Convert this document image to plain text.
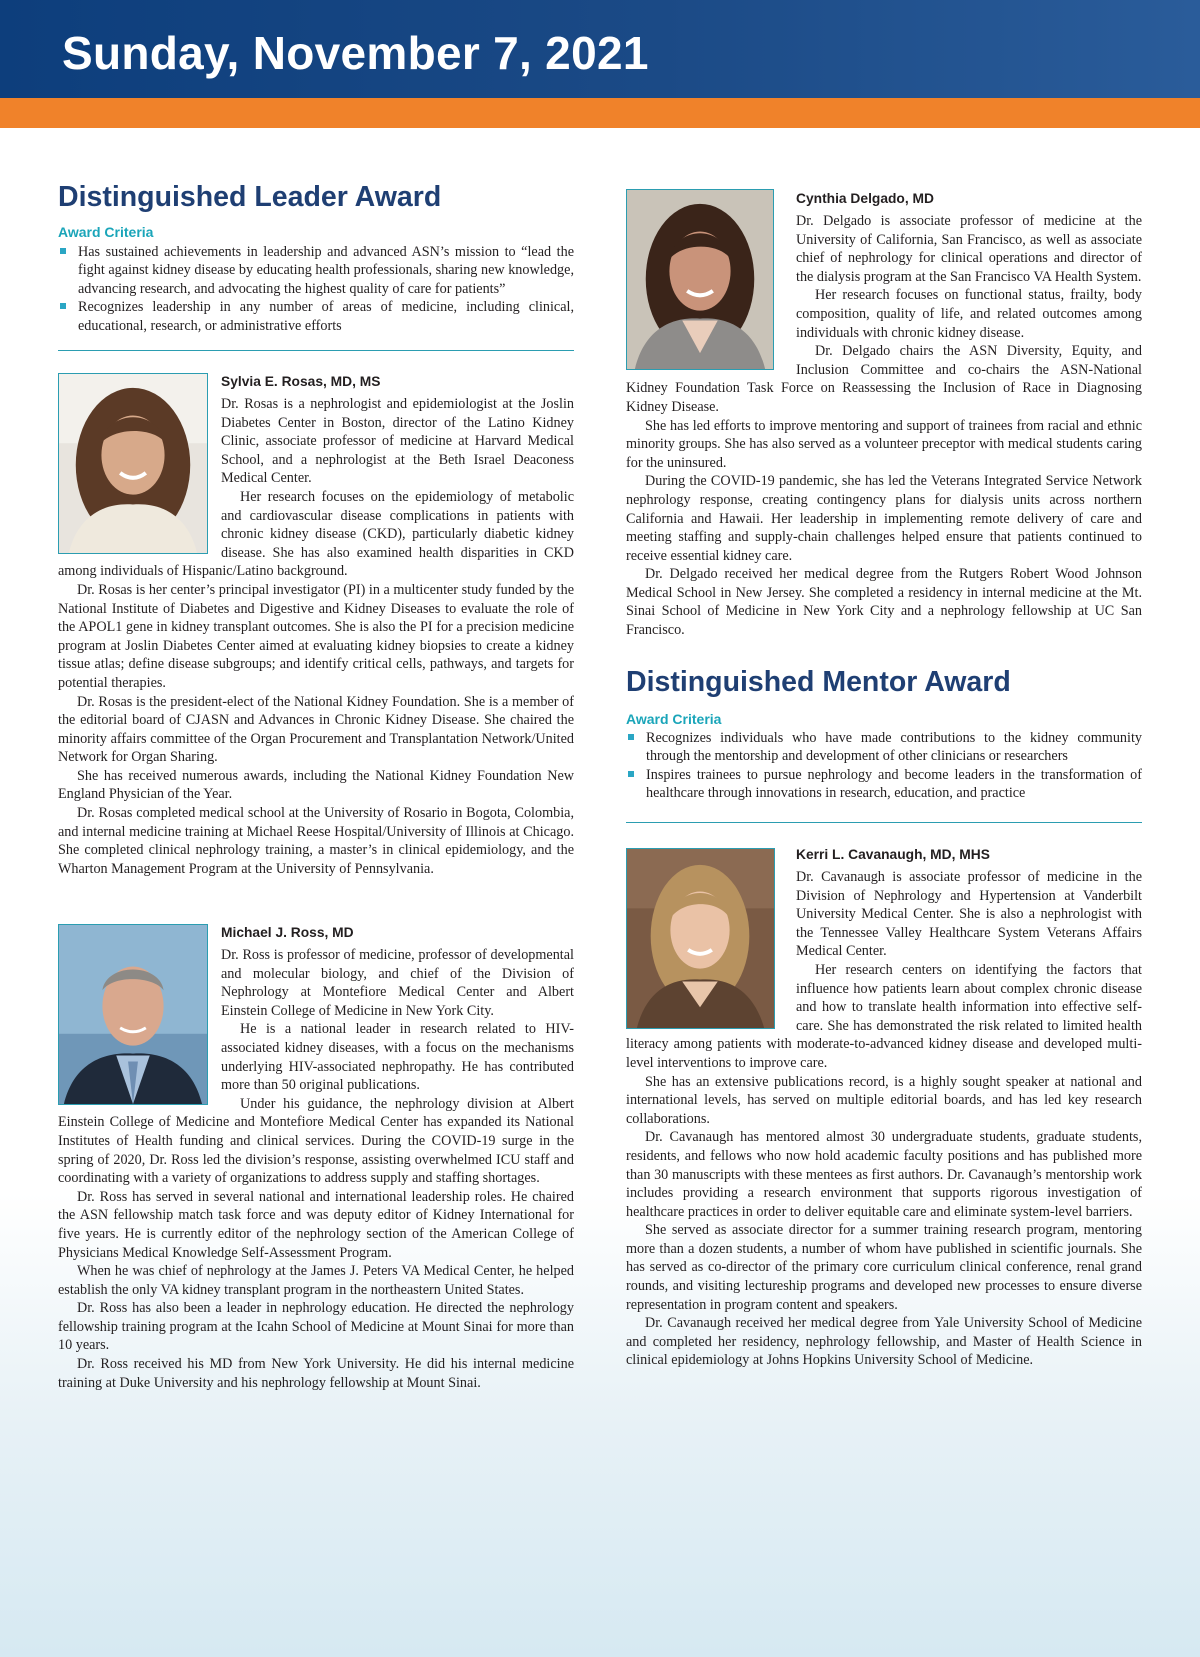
Sunday, November 7, 2021
Distinguished Leader Award
Award Criteria
Has sustained achievements in leadership and advanced ASN’s mission to “lead the fight against kidney disease by educating health professionals, sharing new knowledge, advancing research, and advocating the highest quality of care for patients”
Recognizes leadership in any number of areas of medicine, including clinical, educational, research, or administrative efforts
Sylvia E. Rosas, MD, MS

Dr. Rosas is a nephrologist and epidemiologist at the Joslin Diabetes Center in Boston, director of the Latino Kidney Clinic, associate professor of medicine at Harvard Medical School, and a nephrologist at the Beth Israel Deaconess Medical Center.

Her research focuses on the epidemiology of metabolic and cardiovascular disease complications in patients with chronic kidney disease (CKD), particularly diabetic kidney disease. She has also examined health disparities in CKD among individuals of Hispanic/Latino background.

Dr. Rosas is her center’s principal investigator (PI) in a multicenter study funded by the National Institute of Diabetes and Digestive and Kidney Diseases to evaluate the role of the APOL1 gene in kidney transplant outcomes. She is also the PI for a precision medicine program at Joslin Diabetes Center aimed at evaluating kidney biopsies to create a kidney tissue atlas; define disease subgroups; and identify critical cells, pathways, and targets for potential therapies.

Dr. Rosas is the president-elect of the National Kidney Foundation. She is a member of the editorial board of CJASN and Advances in Chronic Kidney Disease. She chaired the minority affairs committee of the Organ Procurement and Transplantation Network/United Network for Organ Sharing.

She has received numerous awards, including the National Kidney Foundation New England Physician of the Year.

Dr. Rosas completed medical school at the University of Rosario in Bogota, Colombia, and internal medicine training at Michael Reese Hospital/University of Illinois at Chicago. She completed clinical nephrology training, a master’s in clinical epidemiology, and the Wharton Management Program at the University of Pennsylvania.

Michael J. Ross, MD

Dr. Ross is professor of medicine, professor of developmental and molecular biology, and chief of the Division of Nephrology at Montefiore Medical Center and Albert Einstein College of Medicine in New York City.

He is a national leader in research related to HIV-associated kidney diseases, with a focus on the mechanisms underlying HIV-associated nephropathy. He has contributed more than 50 original publications.

Under his guidance, the nephrology division at Albert Einstein College of Medicine and Montefiore Medical Center has expanded its National Institutes of Health funding and clinical services. During the COVID-19 surge in the spring of 2020, Dr. Ross led the division’s response, assisting overwhelmed ICU staff and coordinating with a variety of organizations to address supply and staffing shortages.

Dr. Ross has served in several national and international leadership roles. He chaired the ASN fellowship match task force and was deputy editor of Kidney International for five years. He is currently editor of the nephrology section of the American College of Physicians Medical Knowledge Self-Assessment Program.

When he was chief of nephrology at the James J. Peters VA Medical Center, he helped establish the only VA kidney transplant program in the northeastern United States.

Dr. Ross has also been a leader in nephrology education. He directed the nephrology fellowship training program at the Icahn School of Medicine at Mount Sinai for more than 10 years.

Dr. Ross received his MD from New York University. He did his internal medicine training at Duke University and his nephrology fellowship at Mount Sinai.

Cynthia Delgado, MD

Dr. Delgado is associate professor of medicine at the University of California, San Francisco, as well as associate chief of nephrology for clinical operations and director of the dialysis program at the San Francisco VA Health System.

Her research focuses on functional status, frailty, body composition, quality of life, and related outcomes among individuals with chronic kidney disease.

Dr. Delgado chairs the ASN Diversity, Equity, and Inclusion Committee and co-chairs the ASN-National Kidney Foundation Task Force on Reassessing the Inclusion of Race in Diagnosing Kidney Disease.

She has led efforts to improve mentoring and support of trainees from racial and ethnic minority groups. She has also served as a volunteer preceptor with medical students caring for the uninsured.

During the COVID-19 pandemic, she has led the Veterans Integrated Service Network nephrology response, creating contingency plans for dialysis units across northern California and Hawaii. Her leadership in implementing remote delivery of care and meeting staffing and supply-chain challenges helped ensure that patients continued to receive essential kidney care.

Dr. Delgado received her medical degree from the Rutgers Robert Wood Johnson Medical School in New Jersey. She completed a residency in internal medicine at the Mt. Sinai School of Medicine in New York City and a nephrology fellowship at UC San Francisco.

Distinguished Mentor Award
Award Criteria
Recognizes individuals who have made contributions to the kidney community through the mentorship and development of other clinicians or researchers
Inspires trainees to pursue nephrology and become leaders in the transformation of healthcare through innovations in research, education, and practice
Kerri L. Cavanaugh, MD, MHS

Dr. Cavanaugh is associate professor of medicine in the Division of Nephrology and Hypertension at Vanderbilt University Medical Center. She is also a nephrologist with the Tennessee Valley Healthcare System Veterans Affairs Medical Center.

Her research centers on identifying the factors that influence how patients learn about complex chronic disease and how to translate health information into effective self-care. She has demonstrated the risk related to limited health literacy among patients with moderate-to-advanced kidney disease and developed multi-level interventions to improve care.

She has an extensive publications record, is a highly sought speaker at national and international levels, has served on multiple editorial boards, and has led key research collaborations.

Dr. Cavanaugh has mentored almost 30 undergraduate students, graduate students, residents, and fellows who now hold academic faculty positions and has published more than 30 manuscripts with these mentees as first authors. Dr. Cavanaugh’s mentorship work includes providing a research environment that supports rigorous investigation of healthcare practices in order to deliver equitable care and eliminate system-level barriers.

She served as associate director for a summer training research program, mentoring more than a dozen students, a number of whom have published in scientific journals. She has served as co-director of the primary core curriculum clinical conference, renal grand rounds, and visiting lectureship programs and developed new processes to ensure diverse representation in program content and speakers.

Dr. Cavanaugh received her medical degree from Yale University School of Medicine and completed her residency, nephrology fellowship, and Master of Health Science in clinical epidemiology at Johns Hopkins University School of Medicine.
